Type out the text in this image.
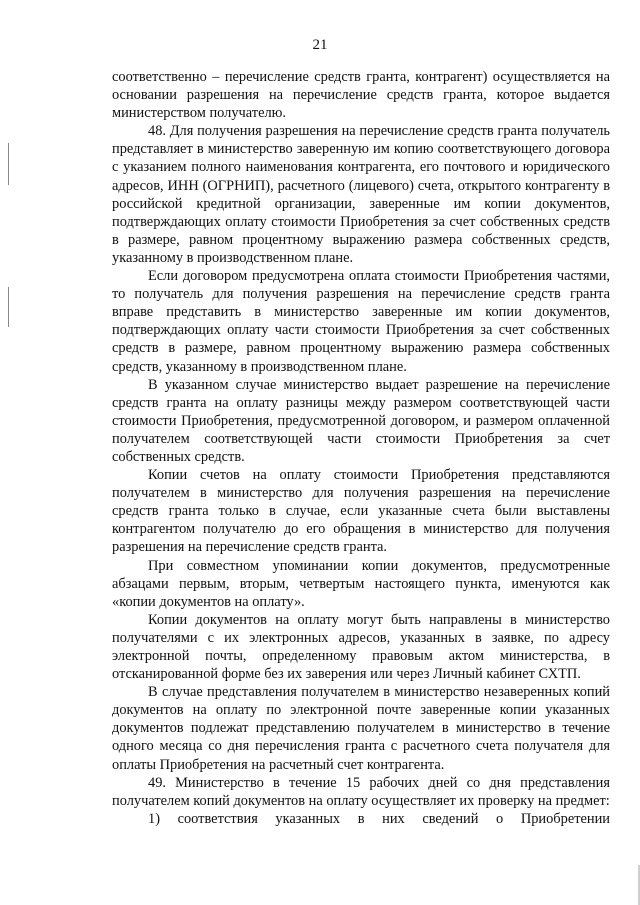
21

соответственно – перечисление средств гранта, контрагент) осуществляется на основании разрешения на перечисление средств гранта, которое выдается министерством получателю.

48. Для получения разрешения на перечисление средств гранта получатель представляет в министерство заверенную им копию соответствующего договора с указанием полного наименования контрагента, его почтового и юридического адресов, ИНН (ОГРНИП), расчетного (лицевого) счета, открытого контрагенту в российской кредитной организации, заверенные им копии документов, подтверждающих оплату стоимости Приобретения за счет собственных средств в размере, равном процентному выражению размера собственных средств, указанному в производственном плане.

Если договором предусмотрена оплата стоимости Приобретения частями, то получатель для получения разрешения на перечисление средств гранта вправе представить в министерство заверенные им копии документов, подтверждающих оплату части стоимости Приобретения за счет собственных средств в размере, равном процентному выражению размера собственных средств, указанному в производственном плане.

В указанном случае министерство выдает разрешение на перечисление средств гранта на оплату разницы между размером соответствующей части стоимости Приобретения, предусмотренной договором, и размером оплаченной получателем соответствующей части стоимости Приобретения за счет собственных средств.

Копии счетов на оплату стоимости Приобретения представляются получателем в министерство для получения разрешения на перечисление средств гранта только в случае, если указанные счета были выставлены контрагентом получателю до его обращения в министерство для получения разрешения на перечисление средств гранта.

При совместном упоминании копии документов, предусмотренные абзацами первым, вторым, четвертым настоящего пункта, именуются как «копии документов на оплату».

Копии документов на оплату могут быть направлены в министерство получателями с их электронных адресов, указанных в заявке, по адресу электронной почты, определенному правовым актом министерства, в отсканированной форме без их заверения или через Личный кабинет СХТП.

В случае представления получателем в министерство незаверенных копий документов на оплату по электронной почте заверенные копии указанных документов подлежат представлению получателем в министерство в течение одного месяца со дня перечисления гранта с расчетного счета получателя для оплаты Приобретения на расчетный счет контрагента.

49. Министерство в течение 15 рабочих дней со дня представления получателем копий документов на оплату осуществляет их проверку на предмет:

1) соответствия указанных в них сведений о Приобретении
